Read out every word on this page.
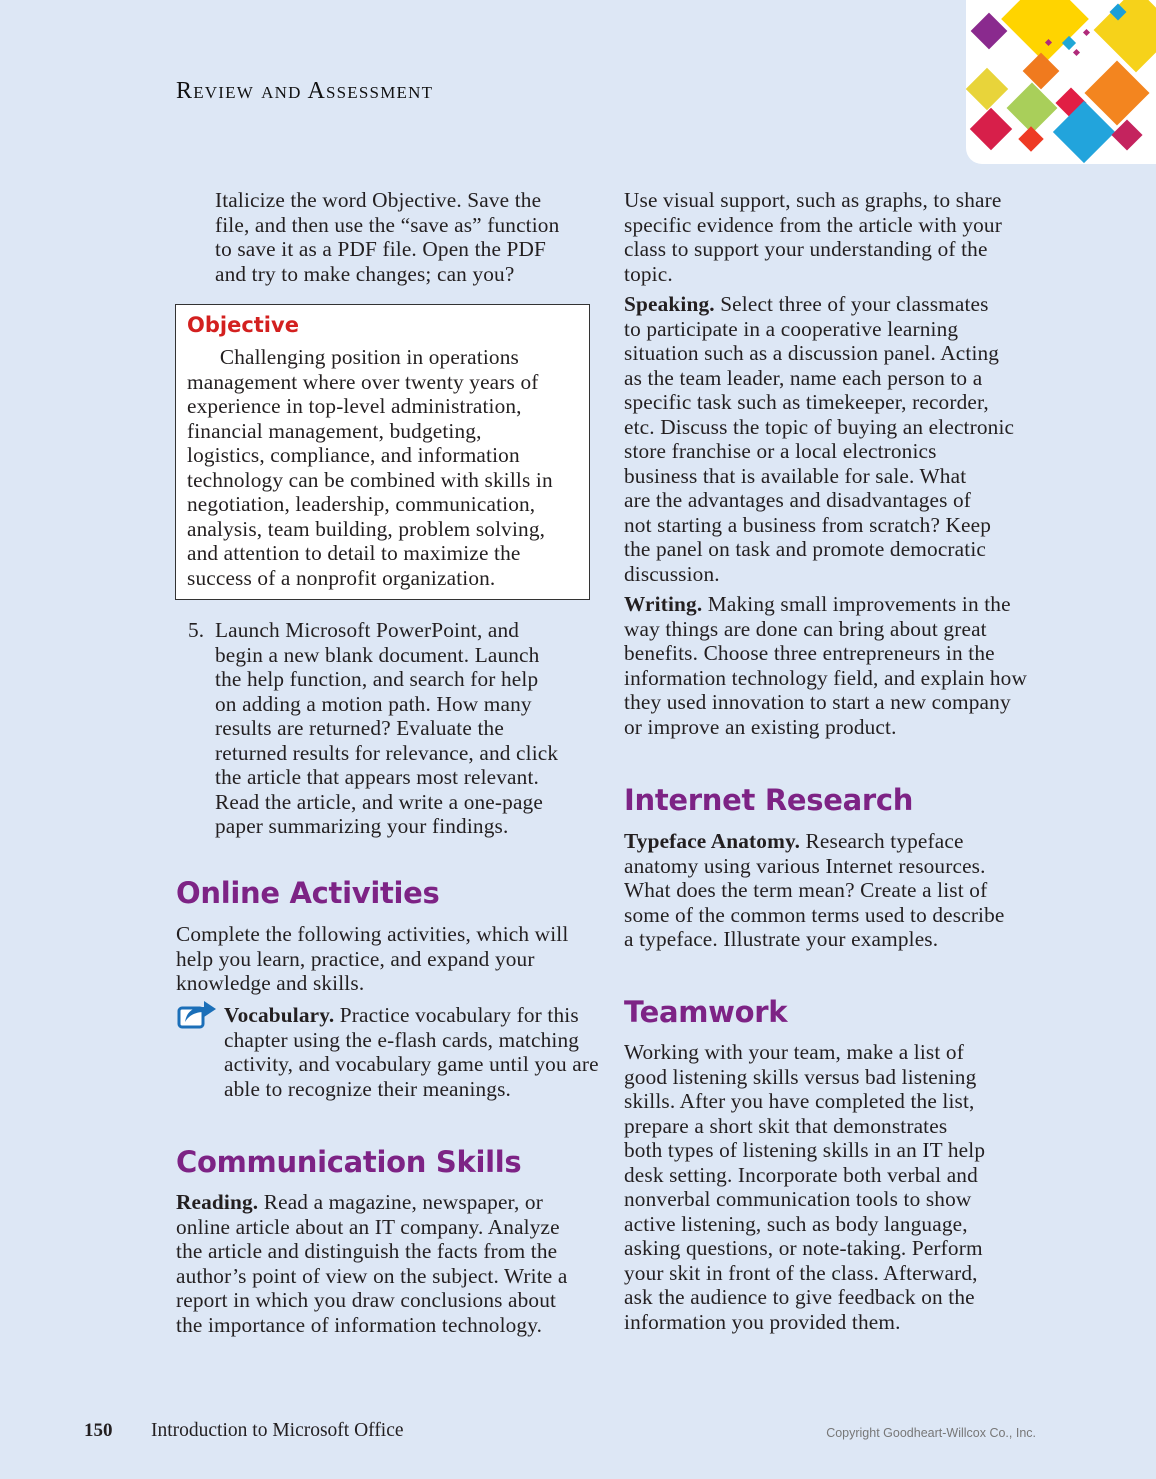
Review and Assessment
Italicize the word Objective. Save the
file, and then use the “save as” function
to save it as a PDF file. Open the PDF
and try to make changes; can you?
Objective
Challenging position in operations
management where over twenty years of
experience in top-level administration,
financial management, budgeting,
logistics, compliance, and information
technology can be combined with skills in
negotiation, leadership, communication,
analysis, team building, problem solving,
and attention to detail to maximize the
success of a nonprofit organization.
5. Launch Microsoft PowerPoint, and
begin a new blank document. Launch
the help function, and search for help
on adding a motion path. How many
results are returned? Evaluate the
returned results for relevance, and click
the article that appears most relevant.
Read the article, and write a one-page
paper summarizing your findings.
Online Activities
Complete the following activities, which will
help you learn, practice, and expand your
knowledge and skills.
Vocabulary. Practice vocabulary for this
chapter using the e-flash cards, matching
activity, and vocabulary game until you are
able to recognize their meanings.
Communication Skills
Reading. Read a magazine, newspaper, or
online article about an IT company. Analyze
the article and distinguish the facts from the
author’s point of view on the subject. Write a
report in which you draw conclusions about
the importance of information technology.
Use visual support, such as graphs, to share
specific evidence from the article with your
class to support your understanding of the
topic.
Speaking. Select three of your classmates
to participate in a cooperative learning
situation such as a discussion panel. Acting
as the team leader, name each person to a
specific task such as timekeeper, recorder,
etc. Discuss the topic of buying an electronic
store franchise or a local electronics
business that is available for sale. What
are the advantages and disadvantages of
not starting a business from scratch? Keep
the panel on task and promote democratic
discussion.
Writing. Making small improvements in the
way things are done can bring about great
benefits. Choose three entrepreneurs in the
information technology field, and explain how
they used innovation to start a new company
or improve an existing product.
Internet Research
Typeface Anatomy. Research typeface
anatomy using various Internet resources.
What does the term mean? Create a list of
some of the common terms used to describe
a typeface. Illustrate your examples.
Teamwork
Working with your team, make a list of
good listening skills versus bad listening
skills. After you have completed the list,
prepare a short skit that demonstrates
both types of listening skills in an IT help
desk setting. Incorporate both verbal and
nonverbal communication tools to show
active listening, such as body language,
asking questions, or note-taking. Perform
your skit in front of the class. Afterward,
ask the audience to give feedback on the
information you provided them.
150 Introduction to Microsoft Office	Copyright Goodheart-Willcox Co., Inc.
